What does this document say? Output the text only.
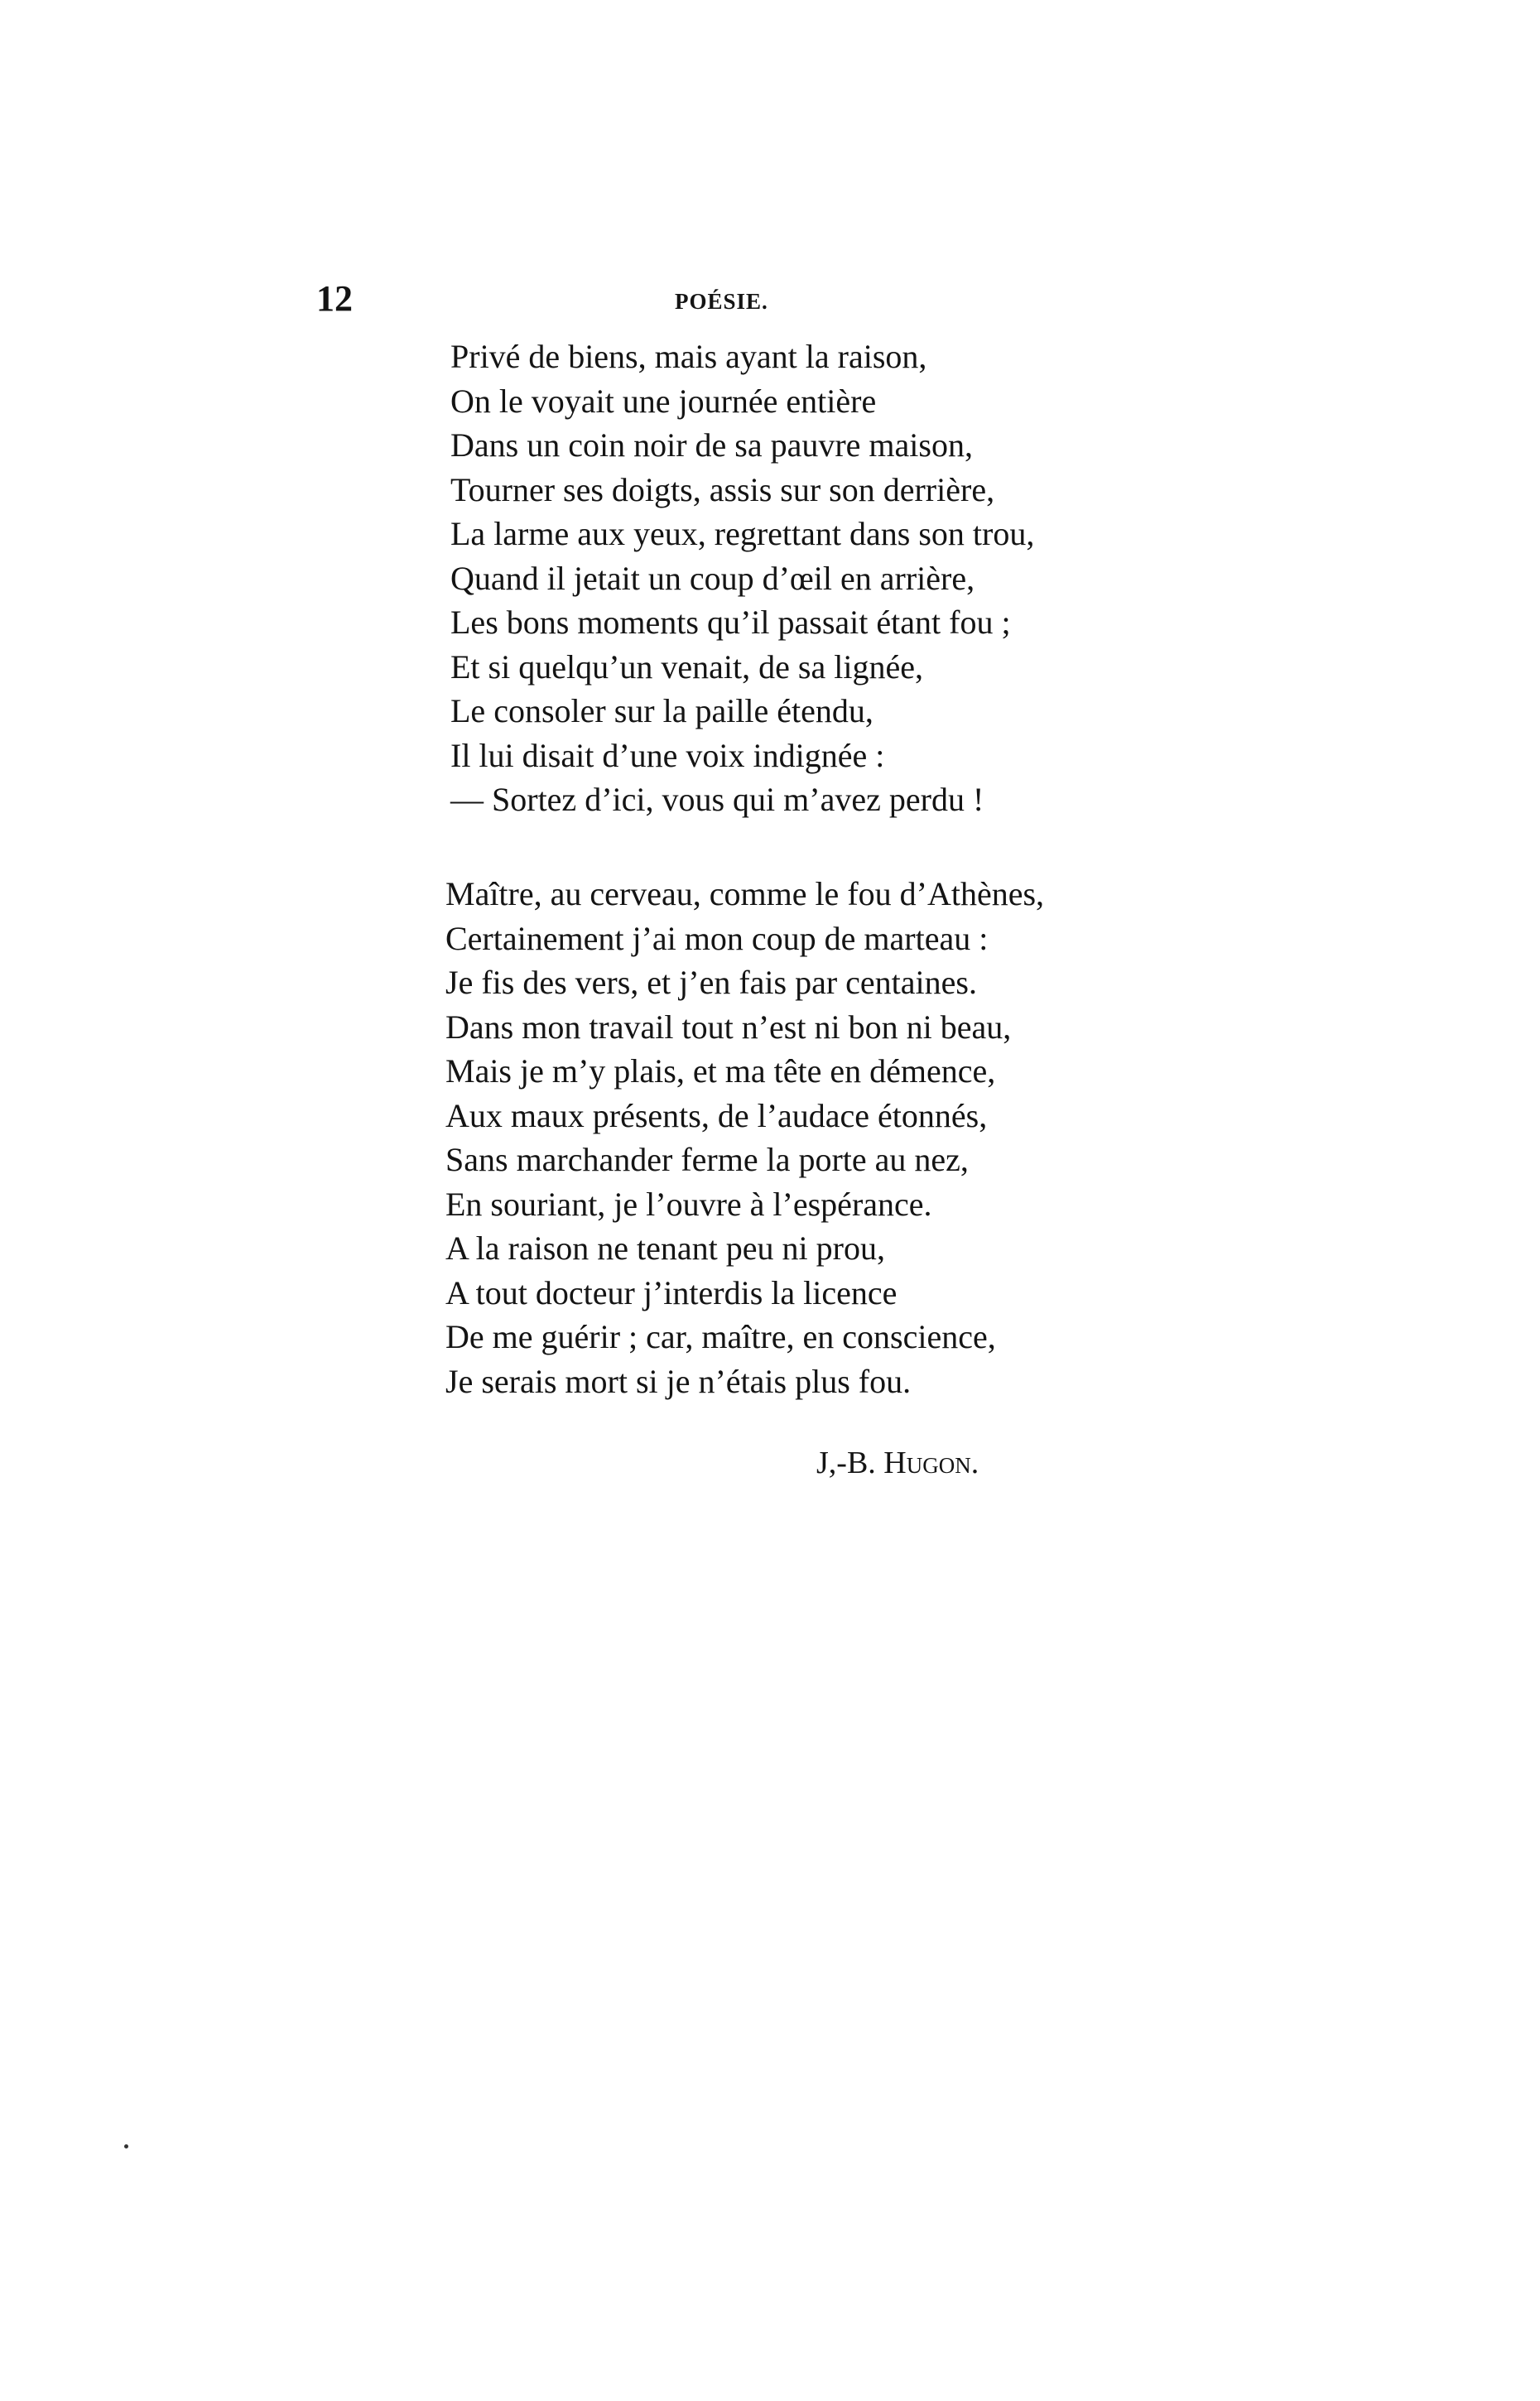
12	POÉSIE.
Privé de biens, mais ayant la raison,
On le voyait une journée entière
Dans un coin noir de sa pauvre maison,
Tourner ses doigts, assis sur son derrière,
La larme aux yeux, regrettant dans son trou,
Quand il jetait un coup d’œil en arrière,
Les bons moments qu’il passait étant fou ;
Et si quelqu’un venait, de sa lignée,
Le consoler sur la paille étendu,
Il lui disait d’une voix indignée :
— Sortez d’ici, vous qui m’avez perdu !
Maître, au cerveau, comme le fou d’Athènes,
Certainement j’ai mon coup de marteau :
Je fis des vers, et j’en fais par centaines.
Dans mon travail tout n’est ni bon ni beau,
Mais je m’y plais, et ma tête en démence,
Aux maux présents, de l’audace étonnés,
Sans marchander ferme la porte au nez,
En souriant, je l’ouvre à l’espérance.
A la raison ne tenant peu ni prou,
A tout docteur j’interdis la licence
De me guérir ; car, maître, en conscience,
Je serais mort si je n’étais plus fou.
J,-B. Hugon.
